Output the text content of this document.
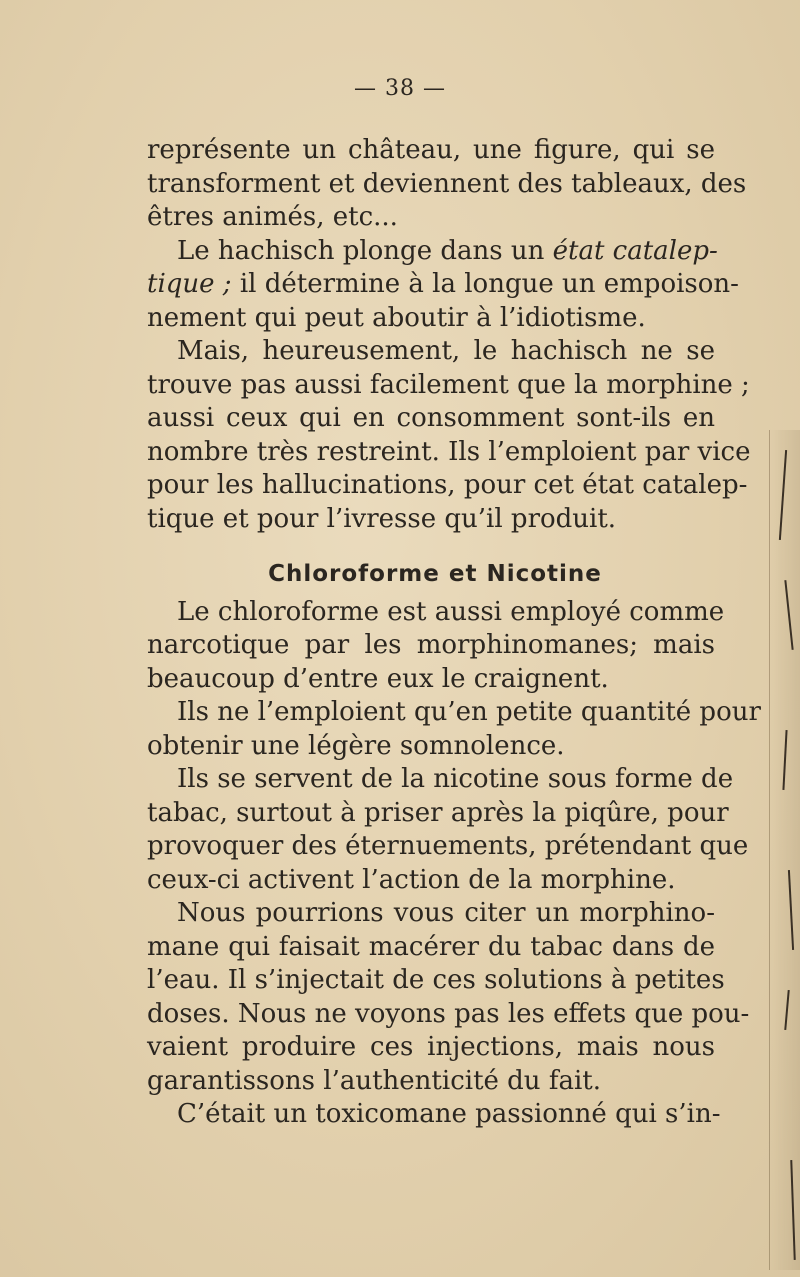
— 38 —
représente un château, une figure, qui se
transforment et deviennent des tableaux, des
êtres animés, etc...
Le hachisch plonge dans un état catalep-
tique ; il détermine à la longue un empoison-
nement qui peut aboutir à l’idiotisme.
Mais, heureusement, le hachisch ne se
trouve pas aussi facilement que la morphine ;
aussi ceux qui en consomment sont-ils en
nombre très restreint. Ils l’emploient par vice
pour les hallucinations, pour cet état catalep-
tique et pour l’ivresse qu’il produit.
Chloroforme et Nicotine
Le chloroforme est aussi employé comme
narcotique par les morphinomanes; mais
beaucoup d’entre eux le craignent.
Ils ne l’emploient qu’en petite quantité pour
obtenir une légère somnolence.
Ils se servent de la nicotine sous forme de
tabac, surtout à priser après la piqûre, pour
provoquer des éternuements, prétendant que
ceux-ci activent l’action de la morphine.
Nous pourrions vous citer un morphino-
mane qui faisait macérer du tabac dans de
l’eau. Il s’injectait de ces solutions à petites
doses. Nous ne voyons pas les effets que pou-
vaient produire ces injections, mais nous
garantissons l’authenticité du fait.
C’était un toxicomane passionné qui s’in-
